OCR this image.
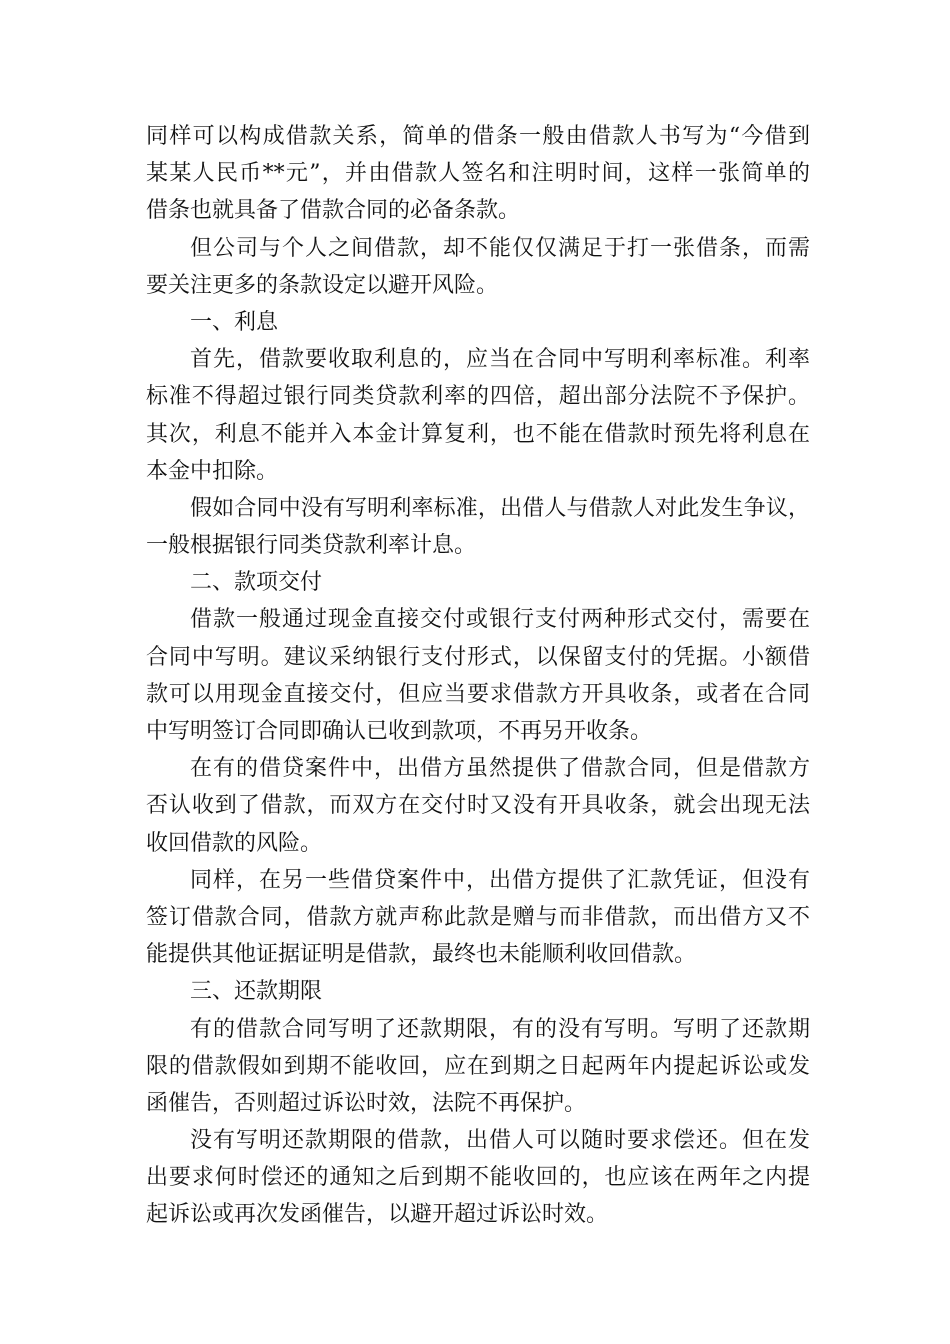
同样可以构成借款关系，简单的借条一般由借款人书写为“今借到
某某人民币**元”，并由借款人签名和注明时间，这样一张简单的
借条也就具备了借款合同的必备条款。
但公司与个人之间借款，却不能仅仅满足于打一张借条，而需
要关注更多的条款设定以避开风险。
一、利息
首先，借款要收取利息的，应当在合同中写明利率标准。利率
标准不得超过银行同类贷款利率的四倍，超出部分法院不予保护。
其次，利息不能并入本金计算复利，也不能在借款时预先将利息在
本金中扣除。
假如合同中没有写明利率标准，出借人与借款人对此发生争议，
一般根据银行同类贷款利率计息。
二、款项交付
借款一般通过现金直接交付或银行支付两种形式交付，需要在
合同中写明。建议采纳银行支付形式，以保留支付的凭据。小额借
款可以用现金直接交付，但应当要求借款方开具收条，或者在合同
中写明签订合同即确认已收到款项，不再另开收条。
在有的借贷案件中，出借方虽然提供了借款合同，但是借款方
否认收到了借款，而双方在交付时又没有开具收条，就会出现无法
收回借款的风险。
同样，在另一些借贷案件中，出借方提供了汇款凭证，但没有
签订借款合同，借款方就声称此款是赠与而非借款，而出借方又不
能提供其他证据证明是借款，最终也未能顺利收回借款。
三、还款期限
有的借款合同写明了还款期限，有的没有写明。写明了还款期
限的借款假如到期不能收回，应在到期之日起两年内提起诉讼或发
函催告，否则超过诉讼时效，法院不再保护。
没有写明还款期限的借款，出借人可以随时要求偿还。但在发
出要求何时偿还的通知之后到期不能收回的，也应该在两年之内提
起诉讼或再次发函催告，以避开超过诉讼时效。
